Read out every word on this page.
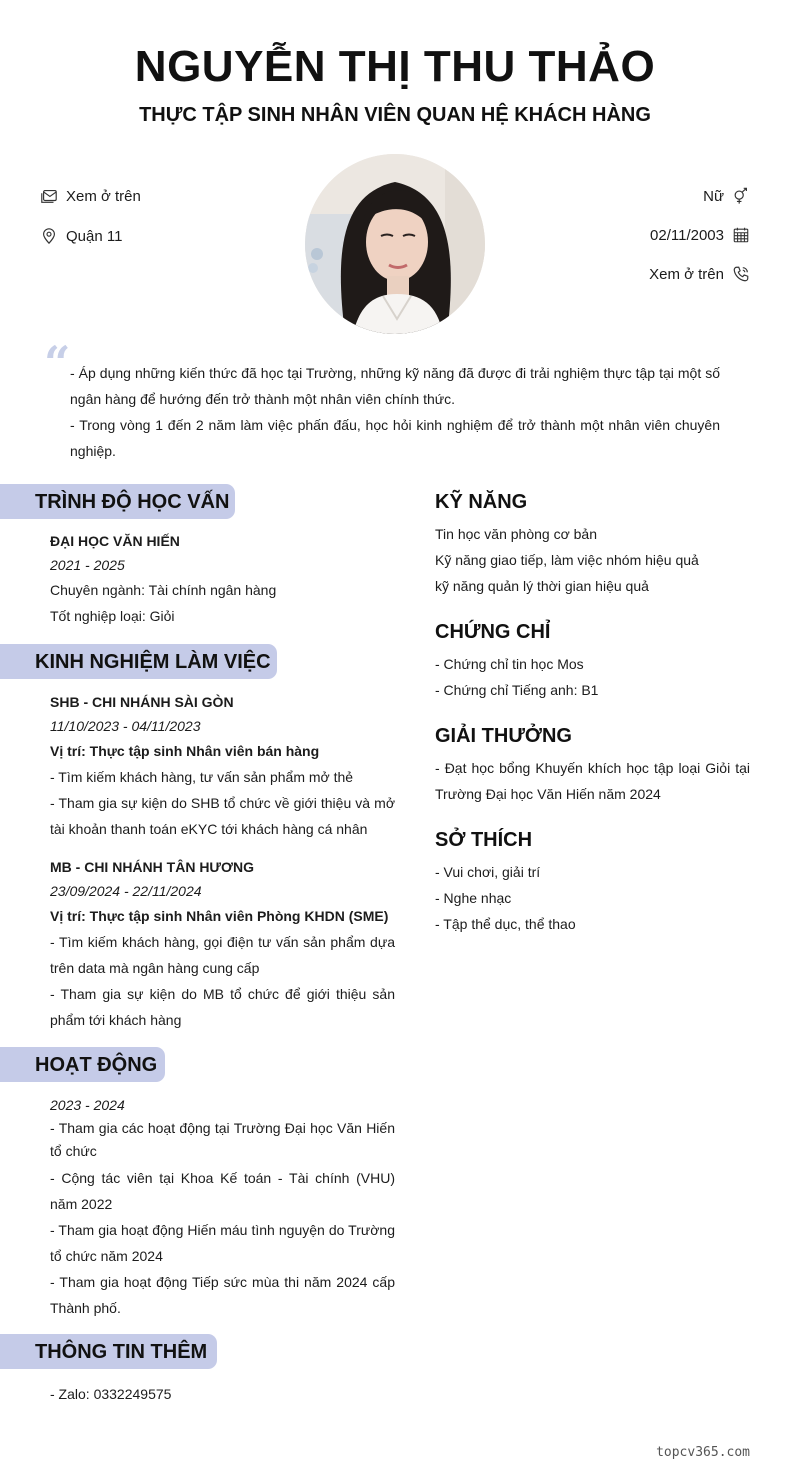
NGUYỄN THỊ THU THẢO
THỰC TẬP SINH NHÂN VIÊN QUAN HỆ KHÁCH HÀNG
Xem ở trên
Quận 11
Nữ
02/11/2003
Xem ở trên
“ - Áp dụng những kiến thức đã học tại Trường, những kỹ năng đã được đi trải nghiệm thực tập tại một số ngân hàng để hướng đến trở thành một nhân viên chính thức.
- Trong vòng 1 đến 2 năm làm việc phấn đấu, học hỏi kinh nghiệm để trở thành một nhân viên chuyên nghiệp.
TRÌNH ĐỘ HỌC VẤN
ĐẠI HỌC VĂN HIẾN
2021 - 2025
Chuyên ngành: Tài chính ngân hàng
Tốt nghiệp loại: Giỏi
KINH NGHIỆM LÀM VIỆC
SHB - CHI NHÁNH SÀI GÒN
11/10/2023 - 04/11/2023
Vị trí: Thực tập sinh Nhân viên bán hàng
- Tìm kiếm khách hàng, tư vấn sản phẩm mở thẻ
- Tham gia sự kiện do SHB tổ chức về giới thiệu và mở tài khoản thanh toán eKYC tới khách hàng cá nhân
MB - CHI NHÁNH TÂN HƯƠNG
23/09/2024 - 22/11/2024
Vị trí: Thực tập sinh Nhân viên Phòng KHDN (SME)
- Tìm kiếm khách hàng, gọi điện tư vấn sản phẩm dựa trên data mà ngân hàng cung cấp
- Tham gia sự kiện do MB tổ chức để giới thiệu sản phẩm tới khách hàng
HOẠT ĐỘNG
2023 - 2024
- Tham gia các hoạt động tại Trường Đại học Văn Hiến tổ chức
- Cộng tác viên tại Khoa Kế toán - Tài chính (VHU) năm 2022
- Tham gia hoạt động Hiến máu tình nguyện do Trường tổ chức năm 2024
- Tham gia hoạt động Tiếp sức mùa thi năm 2024 cấp Thành phố.
THÔNG TIN THÊM
- Zalo: 0332249575
KỸ NĂNG
Tin học văn phòng cơ bản
Kỹ năng giao tiếp, làm việc nhóm hiệu quả
kỹ năng quản lý thời gian hiệu quả
CHỨNG CHỈ
- Chứng chỉ tin học Mos
- Chứng chỉ Tiếng anh: B1
GIẢI THƯỞNG
- Đạt học bổng Khuyến khích học tập loại Giỏi tại Trường Đại học Văn Hiến năm 2024
SỞ THÍCH
- Vui chơi, giải trí
- Nghe nhạc
- Tập thể dục, thể thao
topcv365.com
